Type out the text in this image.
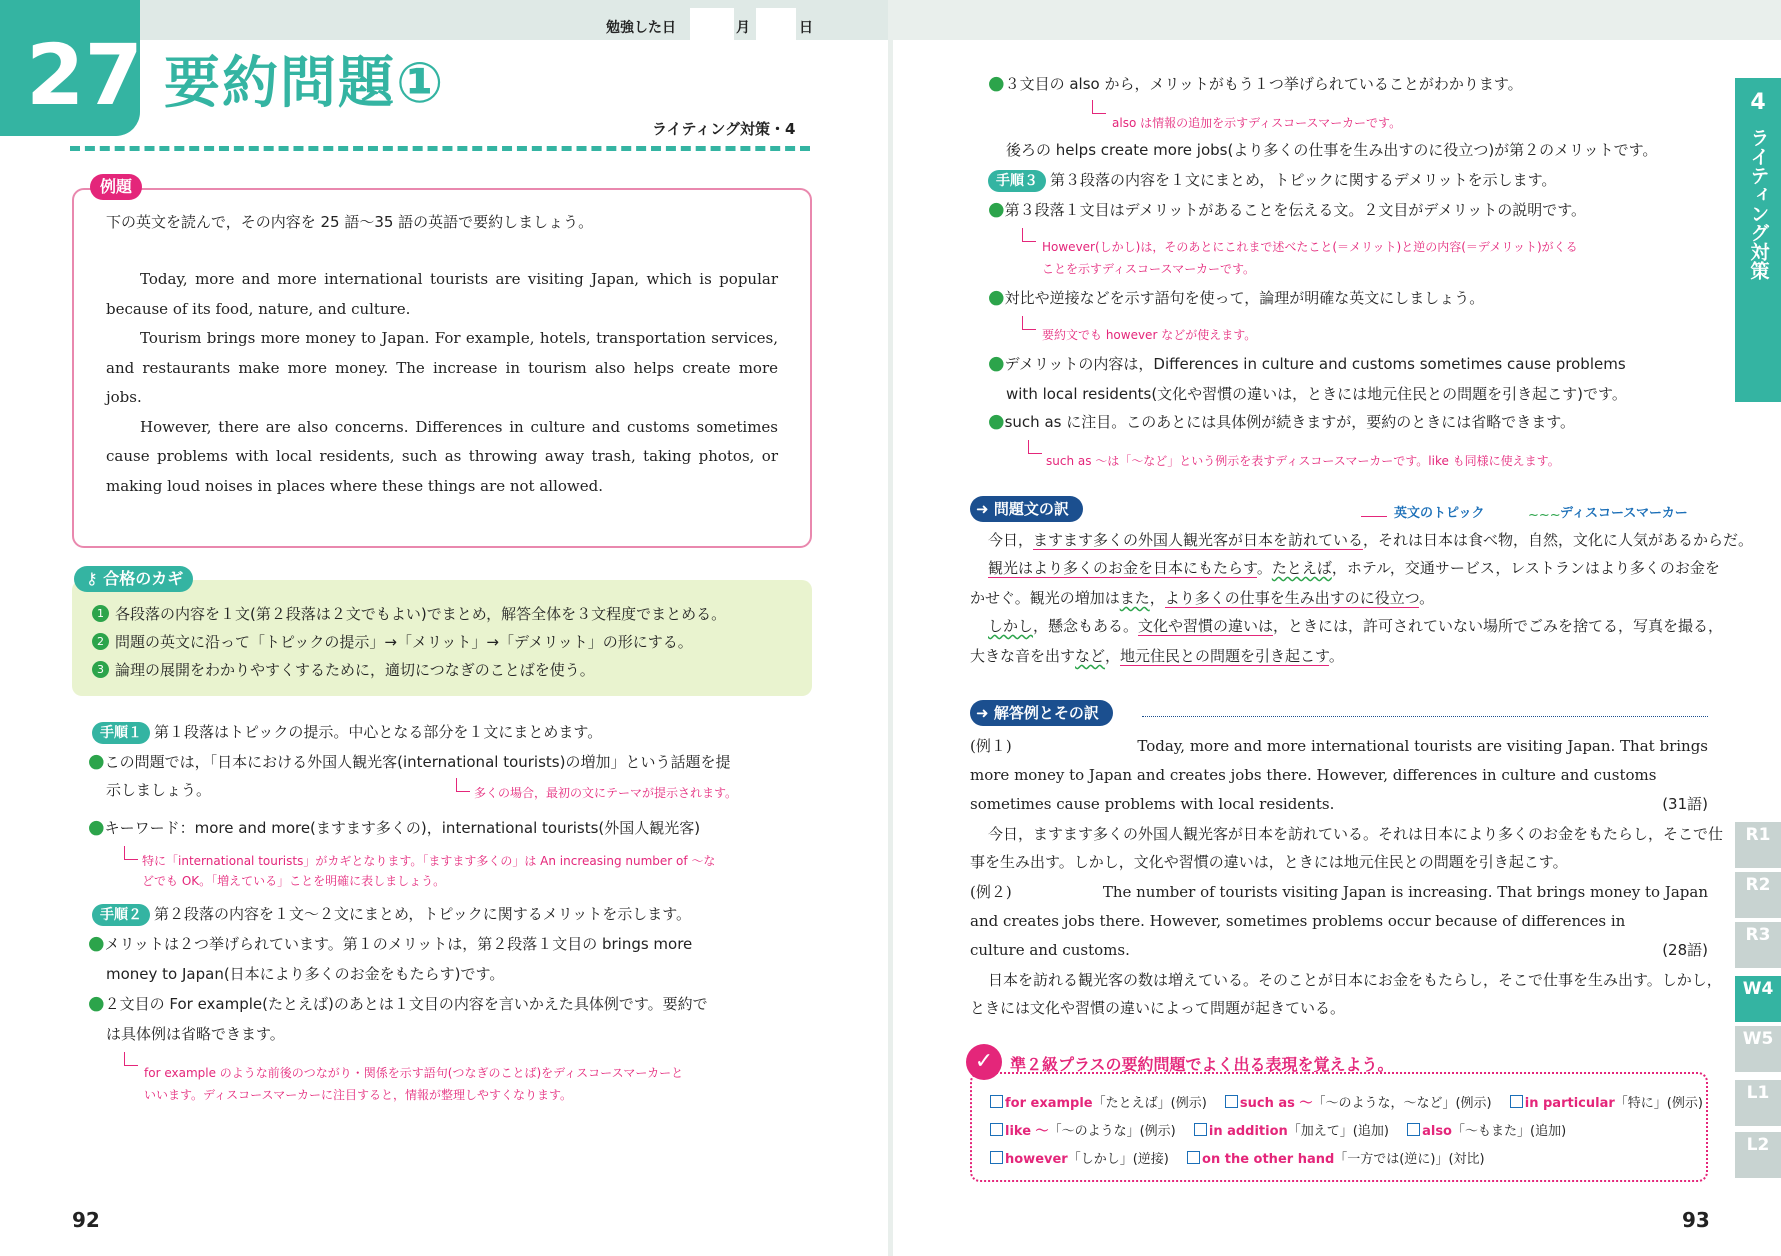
勉強した日	月	日
27 要約問題①
ライティング対策・4
例題
下の英文を読んで，その内容を 25 語～35 語の英語で要約しましょう。

Today, more and more international tourists are visiting Japan, which is popular because of its food, nature, and culture.

Tourism brings more money to Japan. For example, hotels, transportation services, and restaurants make more money. The increase in tourism also helps create more jobs.

However, there are also concerns. Differences in culture and customs sometimes cause problems with local residents, such as throwing away trash, taking photos, or making loud noises in places where these things are not allowed.

⚷ 合格のカギ
1 各段落の内容を１文(第２段落は２文でもよい)でまとめ，解答全体を３文程度でまとめる。
2 問題の英文に沿って「トピックの提示」→「メリット」→「デメリット」の形にする。
3 論理の展開をわかりやすくするために，適切につなぎのことばを使う。
手順１ 第１段落はトピックの提示。中心となる部分を１文にまとめます。
●この問題では，「日本における外国人観光客(international tourists)の増加」という話題を提
示しましょう。	多くの場合，最初の文にテーマが提示されます。
●キーワード：more and more(ますます多くの)，international tourists(外国人観光客)
特に「international tourists」がカギとなります。「ますます多くの」は An increasing number of ～な
どでも OK。「増えている」ことを明確に表しましょう。
手順２ 第２段落の内容を１文～２文にまとめ，トピックに関するメリットを示します。
●メリットは２つ挙げられています。第１のメリットは，第２段落１文目の brings more
money to Japan(日本により多くのお金をもたらす)です。
●２文目の For example(たとえば)のあとは１文目の内容を言いかえた具体例です。要約で
は具体例は省略できます。
for example のような前後のつながり・関係を示す語句(つなぎのことば)をディスコースマーカーと
いいます。ディスコースマーカーに注目すると，情報が整理しやすくなります。
92
●３文目の also から，メリットがもう１つ挙げられていることがわかります。
also は情報の追加を示すディスコースマーカーです。
後ろの helps create more jobs(より多くの仕事を生み出すのに役立つ)が第２のメリットです。
手順３ 第３段落の内容を１文にまとめ，トピックに関するデメリットを示します。
●第３段落１文目はデメリットがあることを伝える文。２文目がデメリットの説明です。
However(しかし)は，そのあとにこれまで述べたこと(＝メリット)と逆の内容(＝デメリット)がくる
ことを示すディスコースマーカーです。
●対比や逆接などを示す語句を使って，論理が明確な英文にしましょう。
要約文でも however などが使えます。
●デメリットの内容は，Differences in culture and customs sometimes cause problems
with local residents(文化や習慣の違いは，ときには地元住民との問題を引き起こす)です。
●such as に注目。このあとには具体例が続きますが，要約のときには省略できます。
such as ～は「～など」という例示を表すディスコースマーカーです。like も同様に使えます。
➜ 問題文の訳	英文のトピック	~~~ ディスコースマーカー
今日，ますます多くの外国人観光客が日本を訪れている，それは日本は食べ物，自然，文化に人気があるからだ。
観光はより多くのお金を日本にもたらす。たとえば，ホテル，交通サービス，レストランはより多くのお金を
かせぐ。観光の増加はまた，より多くの仕事を生み出すのに役立つ。
しかし，懸念もある。文化や習慣の違いは，ときには，許可されていない場所でごみを捨てる，写真を撮る，
大きな音を出すなど，地元住民との問題を引き起こす。
➜ 解答例とその訳
(例１)	Today, more and more international tourists are visiting Japan. That brings
more money to Japan and creates jobs there. However, differences in culture and customs
sometimes cause problems with local residents.	(31語)
今日，ますます多くの外国人観光客が日本を訪れている。それは日本により多くのお金をもたらし，そこで仕
事を生み出す。しかし，文化や習慣の違いは，ときには地元住民との問題を引き起こす。
(例２)	The number of tourists visiting Japan is increasing. That brings money to Japan
and creates jobs there. However, sometimes problems occur because of differences in
culture and customs.	(28語)
日本を訪れる観光客の数は増えている。そのことが日本にお金をもたらし，そこで仕事を生み出す。しかし，
ときには文化や習慣の違いによって問題が起きている。
✓	準２級プラスの要約問題でよく出る表現を覚えよう。
for example「たとえば」(例示)	such as ～「～のような，～など」(例示)	in particular「特に」(例示)
like ～「～のような」(例示)	in addition「加えて」(追加)	also「～もまた」(追加)
however「しかし」(逆接)	on the other hand「一方では(逆に)」(対比)
93
4
ライティング対策
R1
R2
R3
W4
W5
L1
L2
